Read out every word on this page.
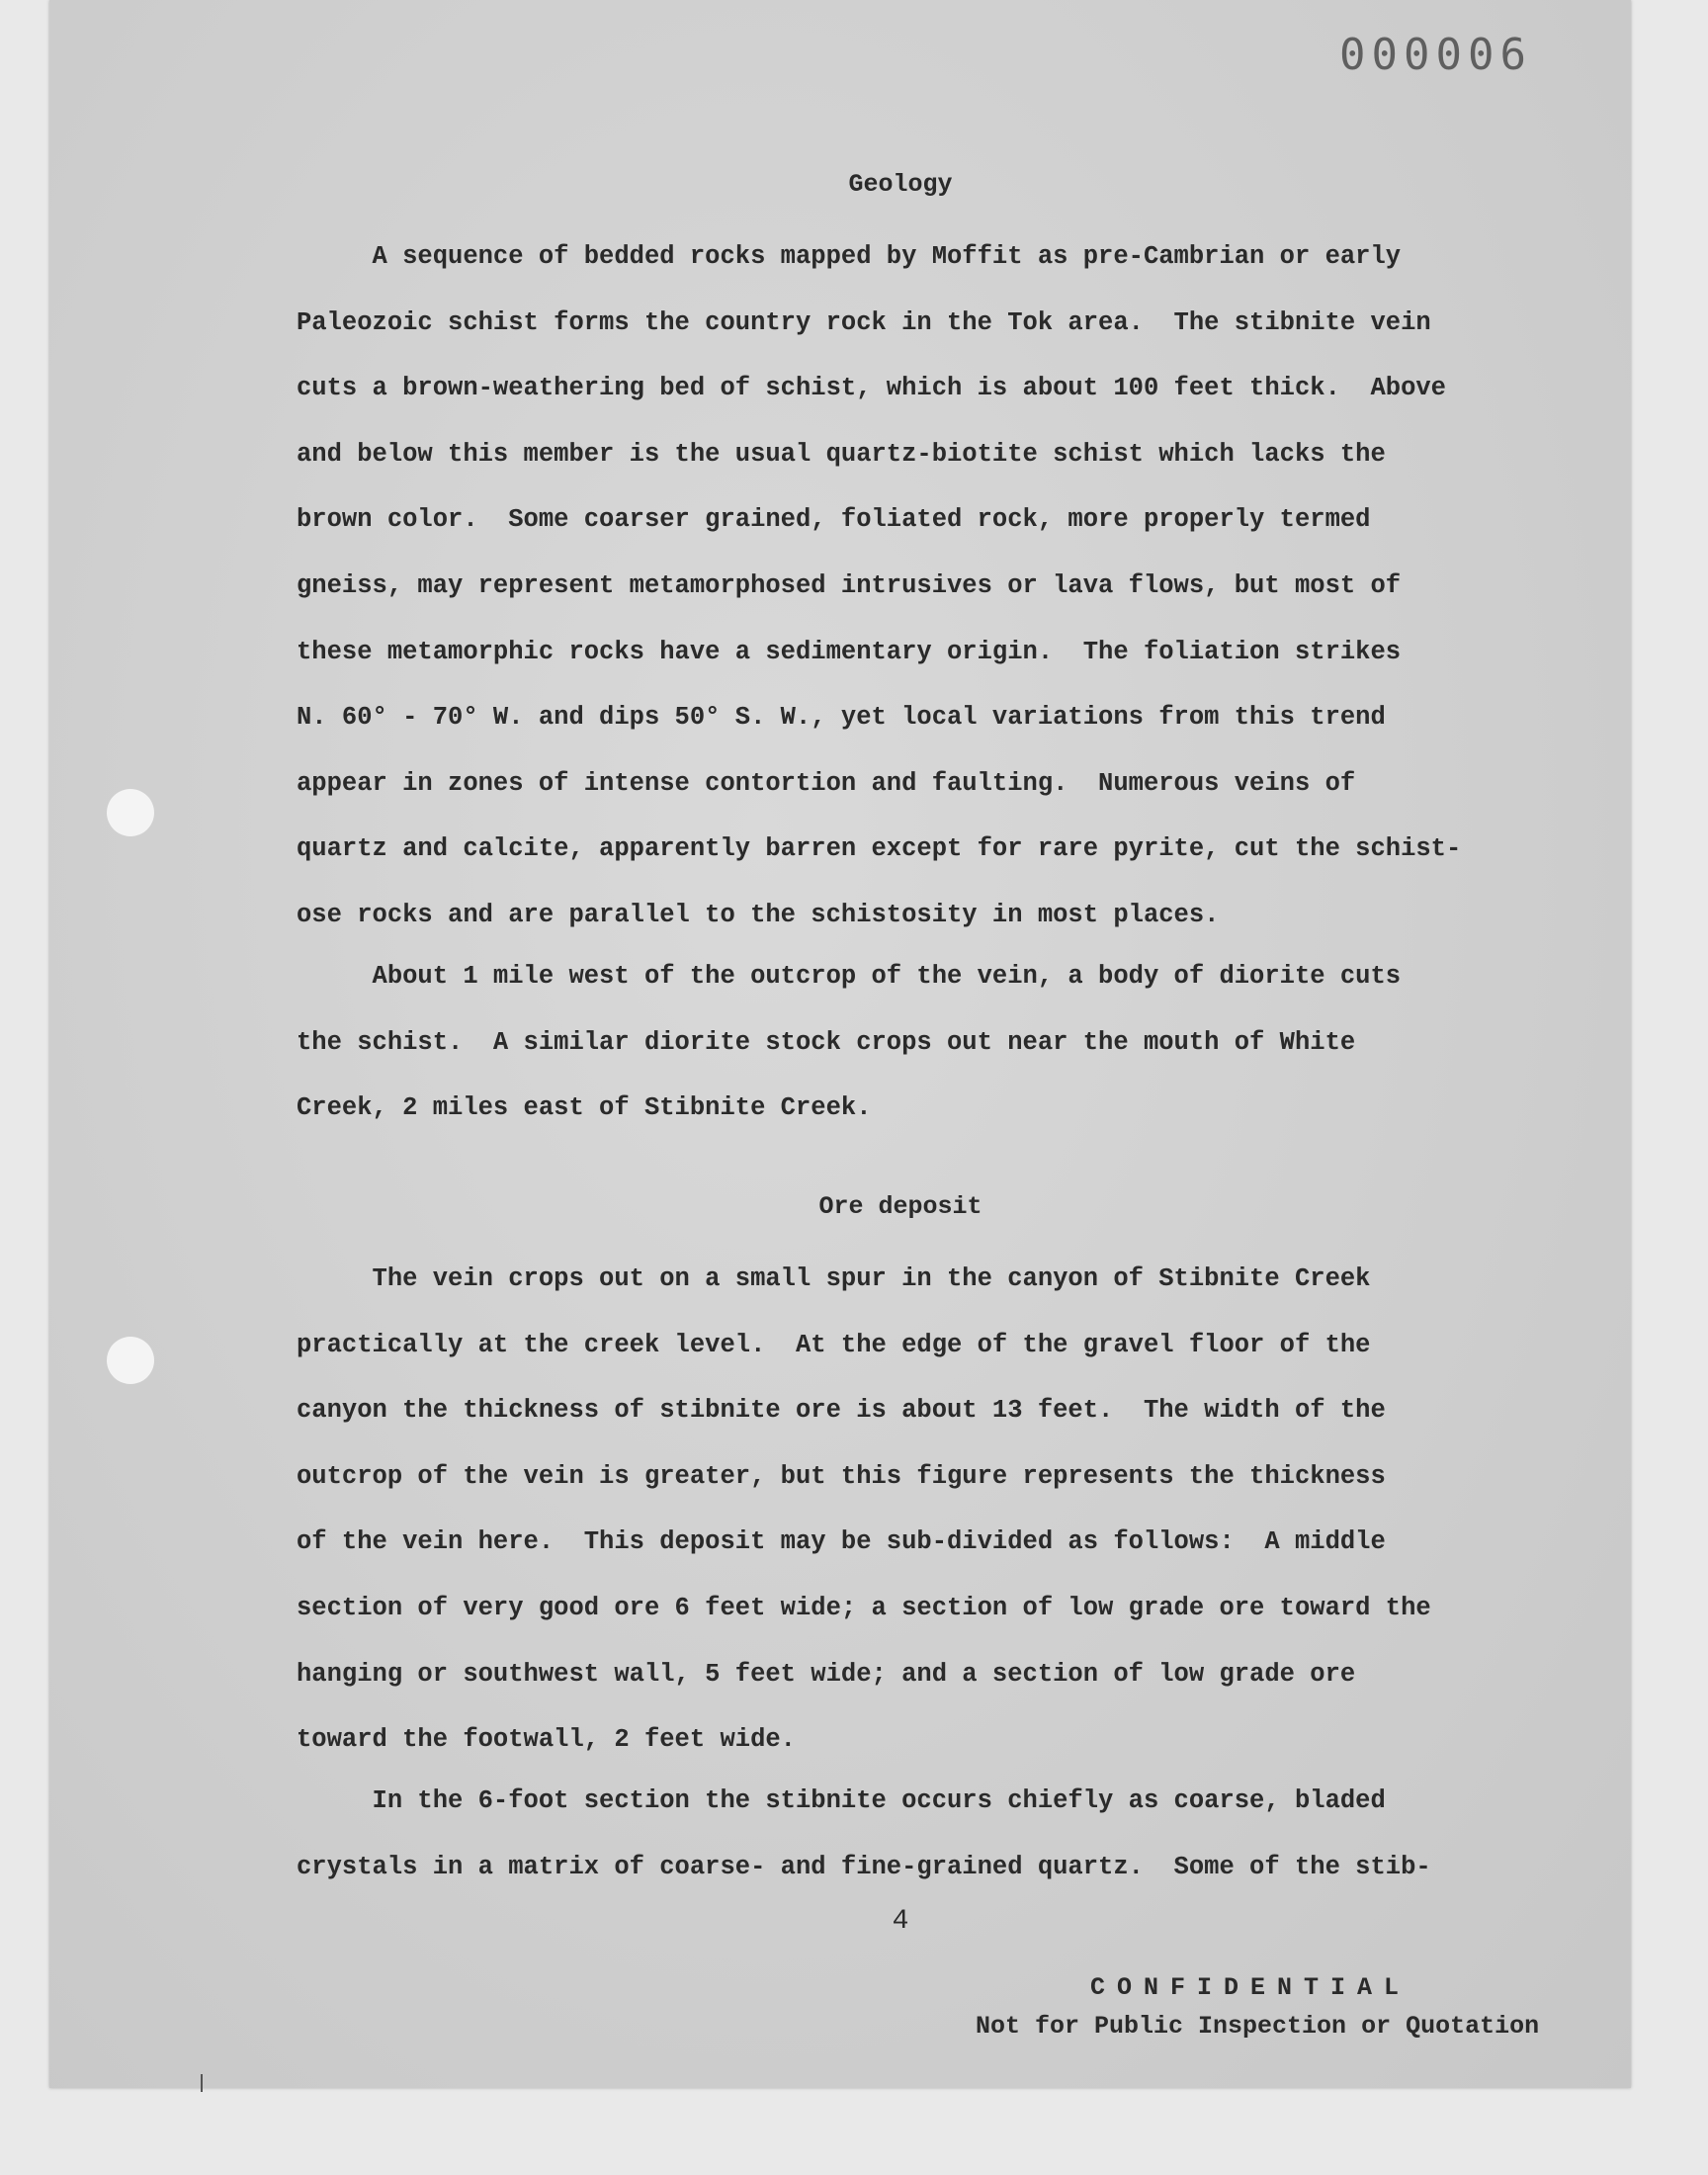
000006
Geology
A sequence of bedded rocks mapped by Moffit as pre-Cambrian or early
Paleozoic schist forms the country rock in the Tok area.  The stibnite vein
cuts a brown-weathering bed of schist, which is about 100 feet thick.  Above
and below this member is the usual quartz-biotite schist which lacks the
brown color.  Some coarser grained, foliated rock, more properly termed
gneiss, may represent metamorphosed intrusives or lava flows, but most of
these metamorphic rocks have a sedimentary origin.  The foliation strikes
N. 60° - 70° W. and dips 50° S. W., yet local variations from this trend
appear in zones of intense contortion and faulting.  Numerous veins of
quartz and calcite, apparently barren except for rare pyrite, cut the schist-
ose rocks and are parallel to the schistosity in most places.
About 1 mile west of the outcrop of the vein, a body of diorite cuts
the schist.  A similar diorite stock crops out near the mouth of White
Creek, 2 miles east of Stibnite Creek.
Ore deposit
The vein crops out on a small spur in the canyon of Stibnite Creek
practically at the creek level.  At the edge of the gravel floor of the
canyon the thickness of stibnite ore is about 13 feet.  The width of the
outcrop of the vein is greater, but this figure represents the thickness
of the vein here.  This deposit may be sub-divided as follows:  A middle
section of very good ore 6 feet wide; a section of low grade ore toward the
hanging or southwest wall, 5 feet wide; and a section of low grade ore
toward the footwall, 2 feet wide.
In the 6-foot section the stibnite occurs chiefly as coarse, bladed
crystals in a matrix of coarse- and fine-grained quartz.  Some of the stib-
4
CONFIDENTIAL
Not for Public Inspection or Quotation
